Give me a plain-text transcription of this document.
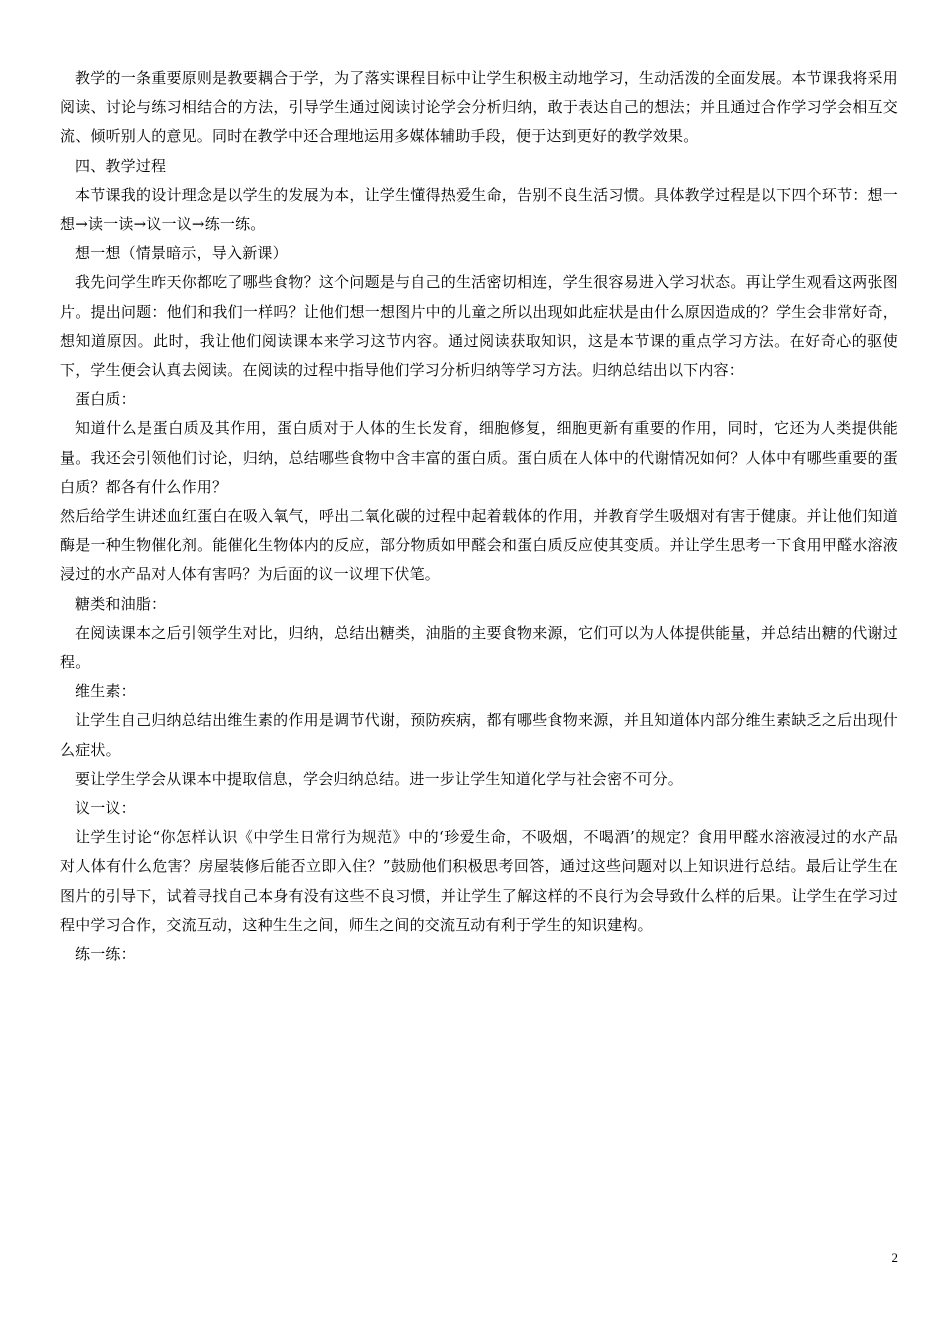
教学的一条重要原则是教要耦合于学，为了落实课程目标中让学生积极主动地学习，生动活泼的全面发展。本节课我将采用阅读、讨论与练习相结合的方法，引导学生通过阅读讨论学会分析归纳，敢于表达自己的想法；并且通过合作学习学会相互交流、倾听别人的意见。同时在教学中还合理地运用多媒体辅助手段，便于达到更好的教学效果。

四、教学过程

本节课我的设计理念是以学生的发展为本，让学生懂得热爱生命，告别不良生活习惯。具体教学过程是以下四个环节：想一想→读一读→议一议→练一练。

想一想（情景暗示，导入新课）

我先问学生昨天你都吃了哪些食物？这个问题是与自己的生活密切相连，学生很容易进入学习状态。再让学生观看这两张图片。提出问题：他们和我们一样吗？让他们想一想图片中的儿童之所以出现如此症状是由什么原因造成的？学生会非常好奇，想知道原因。此时，我让他们阅读课本来学习这节内容。通过阅读获取知识，这是本节课的重点学习方法。在好奇心的驱使下，学生便会认真去阅读。在阅读的过程中指导他们学习分析归纳等学习方法。归纳总结出以下内容：

蛋白质：

知道什么是蛋白质及其作用，蛋白质对于人体的生长发育，细胞修复，细胞更新有重要的作用，同时，它还为人类提供能量。我还会引领他们讨论，归纳，总结哪些食物中含丰富的蛋白质。蛋白质在人体中的代谢情况如何？人体中有哪些重要的蛋白质？都各有什么作用？

然后给学生讲述血红蛋白在吸入氧气，呼出二氧化碳的过程中起着载体的作用，并教育学生吸烟对有害于健康。并让他们知道酶是一种生物催化剂。能催化生物体内的反应，部分物质如甲醛会和蛋白质反应使其变质。并让学生思考一下食用甲醛水溶液浸过的水产品对人体有害吗？为后面的议一议埋下伏笔。

糖类和油脂：

在阅读课本之后引领学生对比，归纳，总结出糖类，油脂的主要食物来源，它们可以为人体提供能量，并总结出糖的代谢过程。

维生素：

让学生自己归纳总结出维生素的作用是调节代谢，预防疾病，都有哪些食物来源，并且知道体内部分维生素缺乏之后出现什么症状。

要让学生学会从课本中提取信息，学会归纳总结。进一步让学生知道化学与社会密不可分。

议一议：

让学生讨论“你怎样认识《中学生日常行为规范》中的‘珍爱生命，不吸烟，不喝酒’的规定？食用甲醛水溶液浸过的水产品对人体有什么危害？房屋装修后能否立即入住？”鼓励他们积极思考回答，通过这些问题对以上知识进行总结。最后让学生在图片的引导下，试着寻找自己本身有没有这些不良习惯，并让学生了解这样的不良行为会导致什么样的后果。让学生在学习过程中学习合作，交流互动，这种生生之间，师生之间的交流互动有利于学生的知识建构。

练一练：

2
